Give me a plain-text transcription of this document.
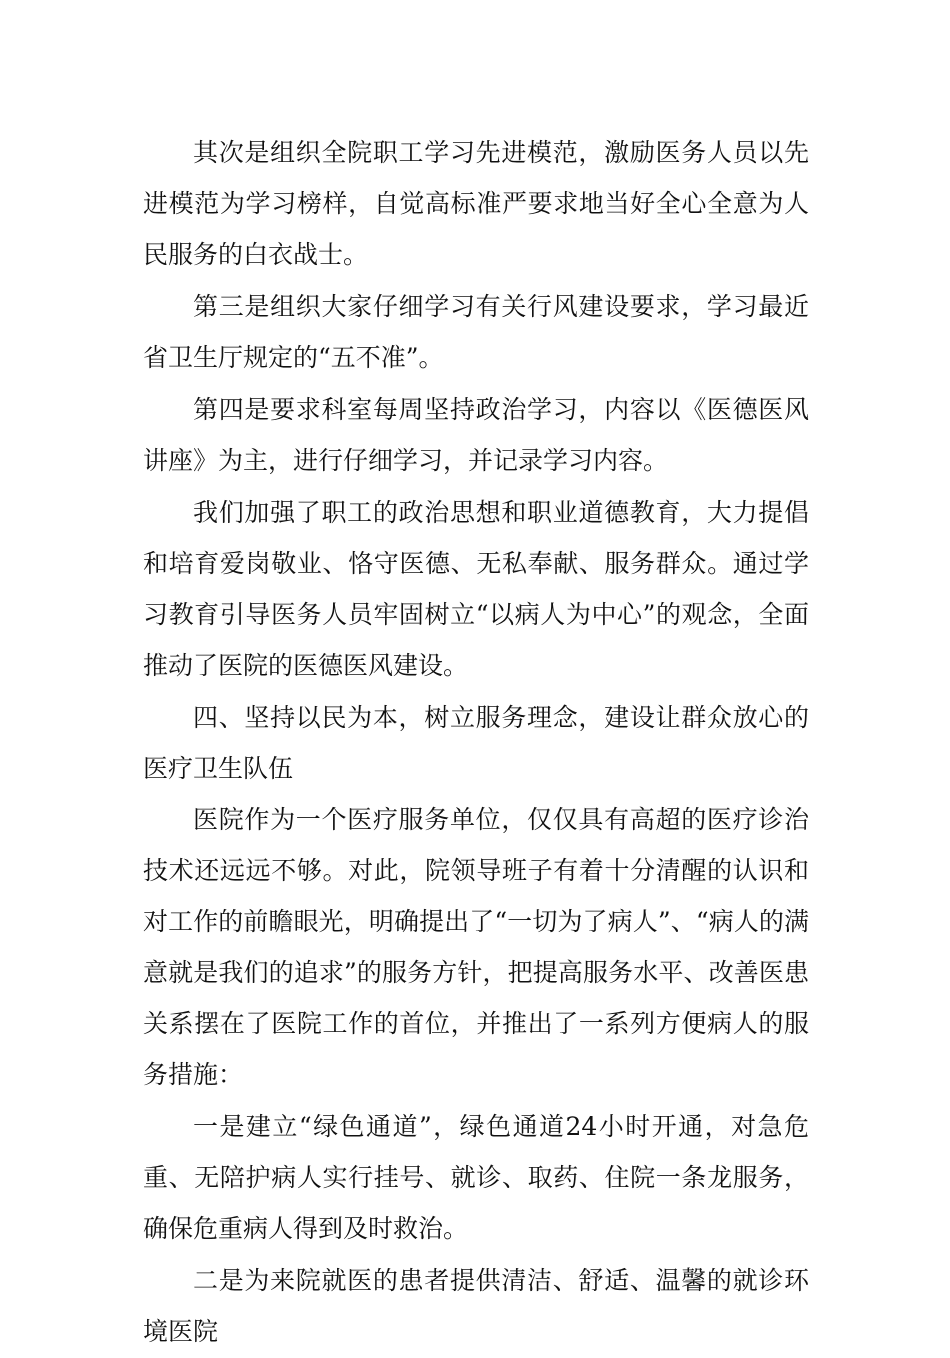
其次是组织全院职工学习先进模范，激励医务人员以先进模范为学习榜样，自觉高标准严要求地当好全心全意为人民服务的白衣战士。

第三是组织大家仔细学习有关行风建设要求，学习最近省卫生厅规定的“五不准”。

第四是要求科室每周坚持政治学习，内容以《医德医风讲座》为主，进行仔细学习，并记录学习内容。

我们加强了职工的政治思想和职业道德教育，大力提倡和培育爱岗敬业、恪守医德、无私奉献、服务群众。通过学习教育引导医务人员牢固树立“以病人为中心”的观念，全面推动了医院的医德医风建设。

四、坚持以民为本，树立服务理念，建设让群众放心的医疗卫生队伍

医院作为一个医疗服务单位，仅仅具有高超的医疗诊治技术还远远不够。对此，院领导班子有着十分清醒的认识和对工作的前瞻眼光，明确提出了“一切为了病人”、“病人的满意就是我们的追求”的服务方针，把提高服务水平、改善医患关系摆在了医院工作的首位，并推出了一系列方便病人的服务措施：

一是建立“绿色通道”，绿色通道24小时开通，对急危重、无陪护病人实行挂号、就诊、取药、住院一条龙服务，确保危重病人得到及时救治。

二是为来院就医的患者提供清洁、舒适、温馨的就诊环境医院
